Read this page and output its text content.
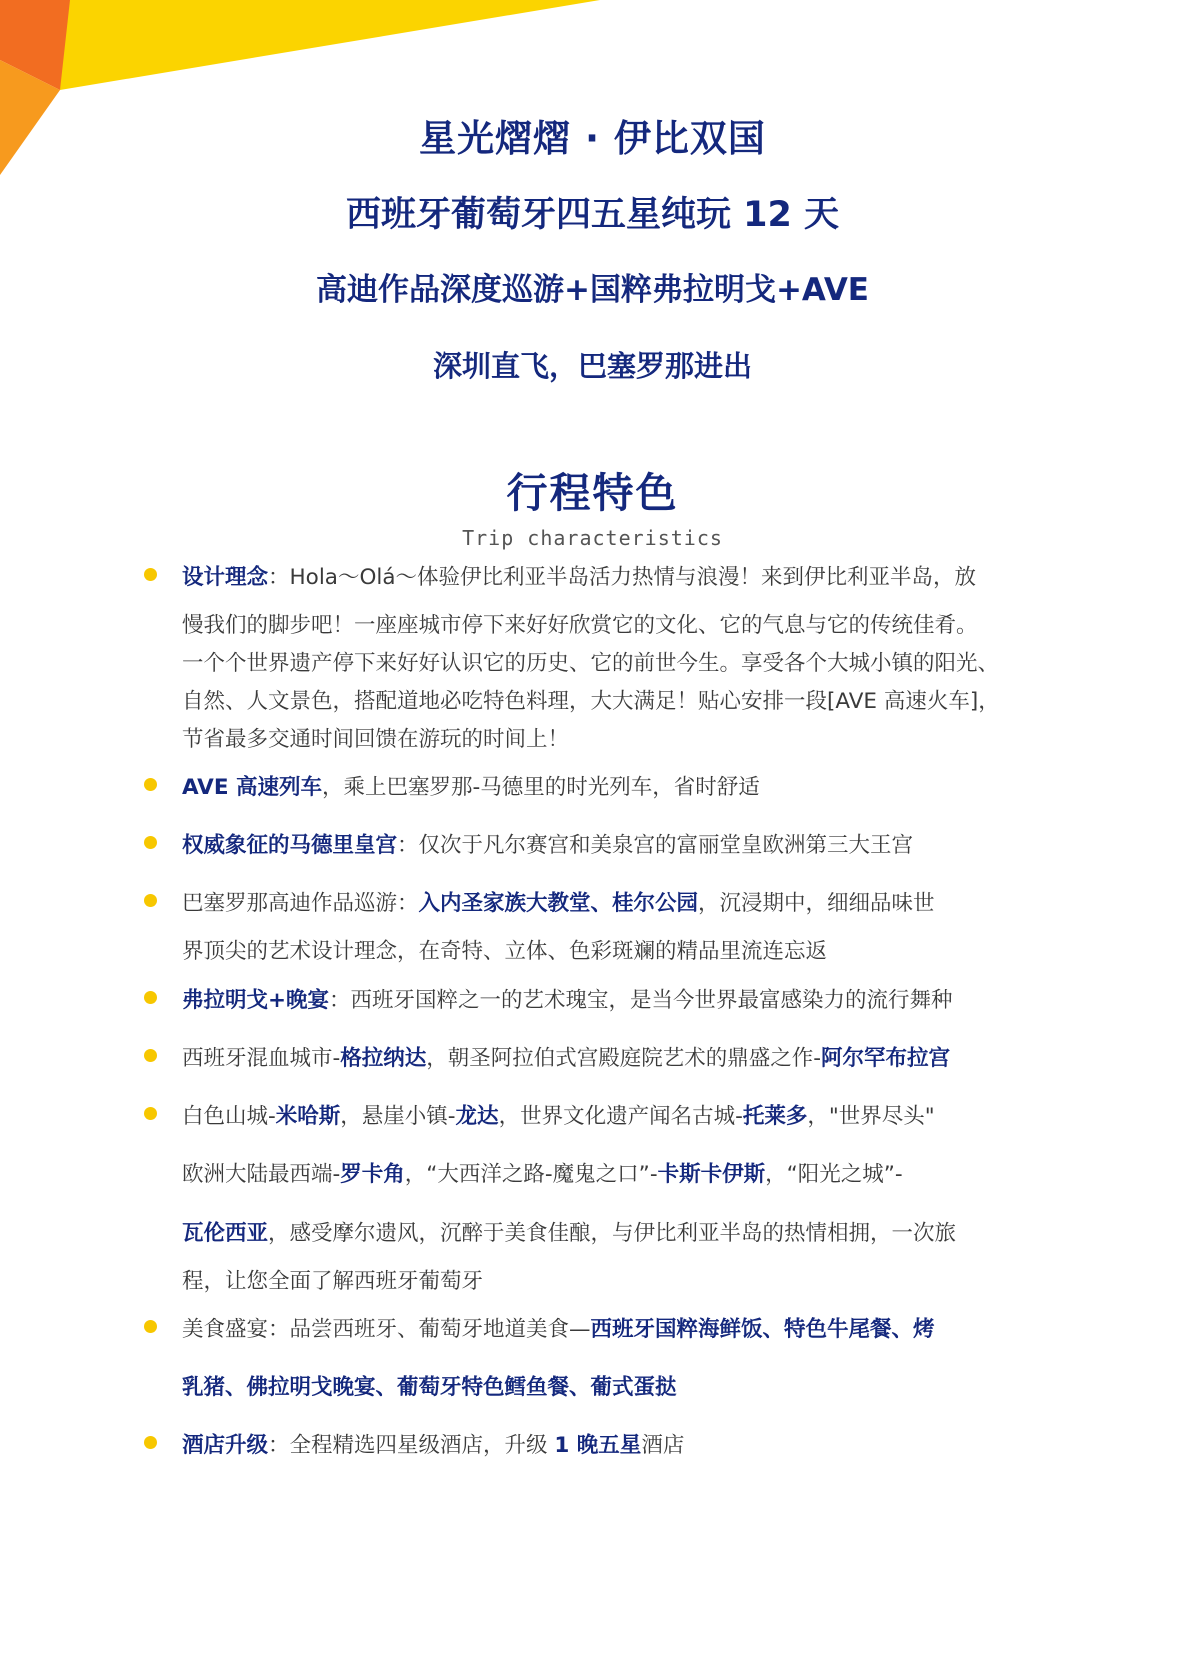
星光熠熠 · 伊比双国
西班牙葡萄牙四五星纯玩 12 天
高迪作品深度巡游+国粹弗拉明戈+AVE
深圳直飞，巴塞罗那进出
行程特色

Trip characteristics

设计理念：Hola～Olá～体验伊比利亚半岛活力热情与浪漫！来到伊比利亚半岛，放

慢我们的脚步吧！一座座城市停下来好好欣赏它的文化、它的气息与它的传统佳肴。

一个个世界遗产停下来好好认识它的历史、它的前世今生。享受各个大城小镇的阳光、

自然、人文景色，搭配道地必吃特色料理，大大满足！贴心安排一段[AVE 高速火车]，

节省最多交通时间回馈在游玩的时间上！

AVE 高速列车，乘上巴塞罗那-马德里的时光列车，省时舒适

权威象征的马德里皇宫：仅次于凡尔赛宫和美泉宫的富丽堂皇欧洲第三大王宫

巴塞罗那高迪作品巡游：入内圣家族大教堂、桂尔公园，沉浸期中，细细品味世

界顶尖的艺术设计理念，在奇特、立体、色彩斑斓的精品里流连忘返

弗拉明戈+晚宴：西班牙国粹之一的艺术瑰宝，是当今世界最富感染力的流行舞种

西班牙混血城市-格拉纳达，朝圣阿拉伯式宫殿庭院艺术的鼎盛之作-阿尔罕布拉宫

白色山城-米哈斯，悬崖小镇-龙达，世界文化遗产闻名古城-托莱多，"世界尽头"

欧洲大陆最西端-罗卡角，“大西洋之路-魔鬼之口”-卡斯卡伊斯，“阳光之城”-

瓦伦西亚，感受摩尔遗风，沉醉于美食佳酿，与伊比利亚半岛的热情相拥，一次旅

程，让您全面了解西班牙葡萄牙

美食盛宴：品尝西班牙、葡萄牙地道美食—西班牙国粹海鲜饭、特色牛尾餐、烤

乳猪、佛拉明戈晚宴、葡萄牙特色鳕鱼餐、葡式蛋挞

酒店升级：全程精选四星级酒店，升级 1 晚五星酒店
